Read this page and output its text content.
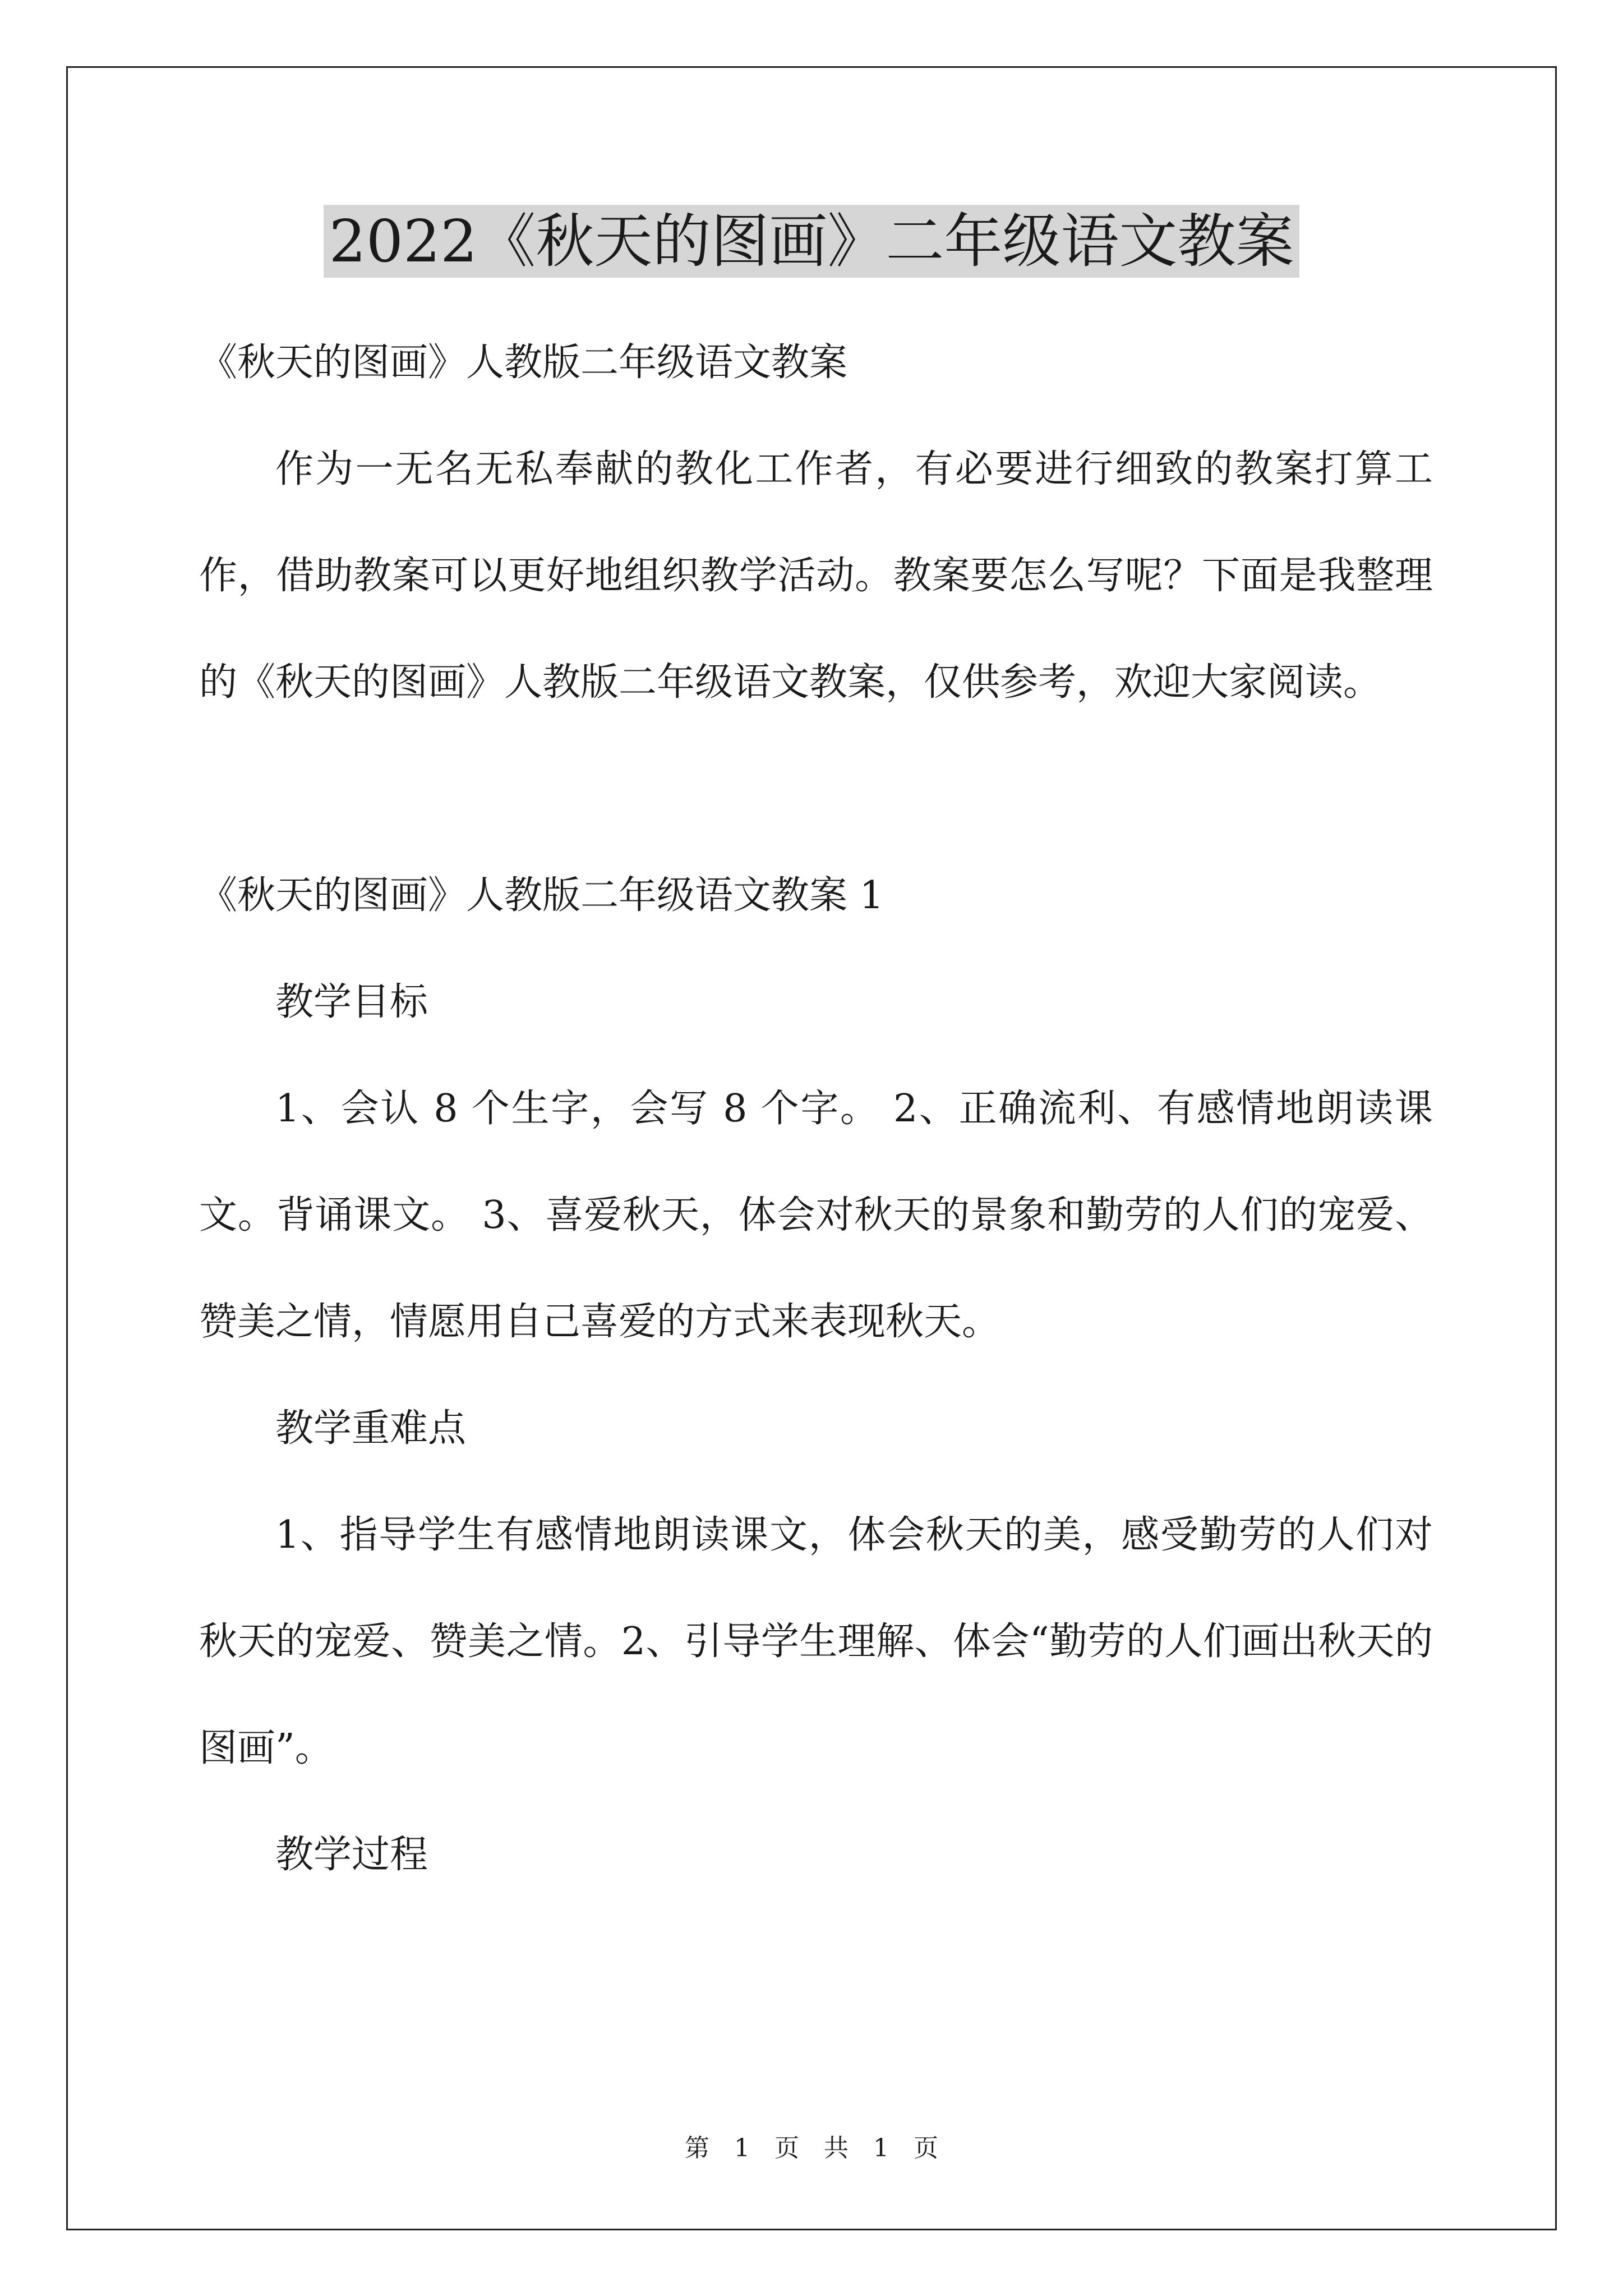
2022《秋天的图画》二年级语文教案

《秋天的图画》人教版二年级语文教案

作为一无名无私奉献的教化工作者，有必要进行细致的教案打算工作，借助教案可以更好地组织教学活动。教案要怎么写呢？下面是我整理的《秋天的图画》人教版二年级语文教案，仅供参考，欢迎大家阅读。

《秋天的图画》人教版二年级语文教案 1

教学目标

1、会认 8 个生字，会写 8 个字。 2、正确流利、有感情地朗读课文。背诵课文。 3、喜爱秋天，体会对秋天的景象和勤劳的人们的宠爱、赞美之情，情愿用自己喜爱的方式来表现秋天。

教学重难点

1、指导学生有感情地朗读课文，体会秋天的美，感受勤劳的人们对秋天的宠爱、赞美之情。2、引导学生理解、体会“勤劳的人们画出秋天的图画”。

教学过程

第 1 页　共 1 页
